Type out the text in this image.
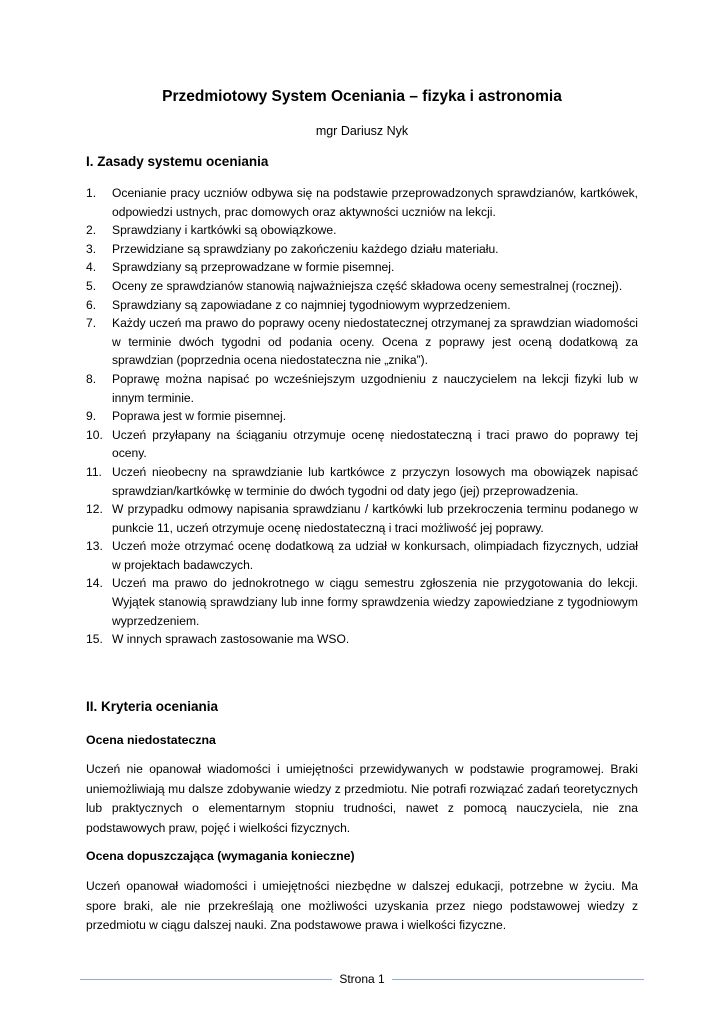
Przedmiotowy System Oceniania – fizyka i astronomia
mgr Dariusz Nyk
I. Zasady systemu oceniania
1.	Ocenianie pracy uczniów odbywa się na podstawie przeprowadzonych sprawdzianów, kartkówek, odpowiedzi ustnych, prac domowych oraz aktywności uczniów na lekcji.
2.	Sprawdziany i kartkówki są obowiązkowe.
3.	Przewidziane są sprawdziany po zakończeniu każdego działu materiału.
4.	Sprawdziany są przeprowadzane w formie pisemnej.
5.	Oceny ze sprawdzianów stanowią najważniejsza część składowa oceny semestralnej (rocznej).
6.	Sprawdziany są zapowiadane z co najmniej tygodniowym wyprzedzeniem.
7.	Każdy uczeń ma prawo do poprawy oceny niedostatecznej otrzymanej za sprawdzian wiadomości w terminie dwóch tygodni od podania oceny. Ocena z poprawy jest oceną dodatkową za sprawdzian (poprzednia ocena niedostateczna nie „znika”).
8.	Poprawę można napisać po wcześniejszym uzgodnieniu z nauczycielem na lekcji fizyki lub w innym terminie.
9.	Poprawa jest w formie pisemnej.
10. Uczeń przyłapany na ściąganiu otrzymuje ocenę niedostateczną i traci prawo do poprawy tej oceny.
11. Uczeń nieobecny na sprawdzianie lub kartkówce z przyczyn losowych ma obowiązek napisać sprawdzian/kartkówkę w terminie do dwóch tygodni od daty jego (jej) przeprowadzenia.
12. W przypadku odmowy napisania sprawdzianu / kartkówki lub przekroczenia terminu podanego w punkcie 11, uczeń otrzymuje ocenę niedostateczną i traci możliwość jej poprawy.
13. Uczeń może otrzymać ocenę dodatkową za udział w konkursach, olimpiadach fizycznych, udział w projektach badawczych.
14. Uczeń ma prawo do jednokrotnego w ciągu semestru zgłoszenia nie przygotowania do lekcji. Wyjątek stanowią sprawdziany lub inne formy sprawdzenia wiedzy zapowiedziane z tygodniowym wyprzedzeniem.
15. W innych sprawach zastosowanie ma WSO.
II. Kryteria oceniania
Ocena niedostateczna

Uczeń nie opanował wiadomości i umiejętności przewidywanych w podstawie programowej. Braki uniemożliwiają mu dalsze zdobywanie wiedzy z przedmiotu. Nie potrafi rozwiązać zadań teoretycznych lub praktycznych o elementarnym stopniu trudności, nawet z pomocą nauczyciela, nie zna podstawowych praw, pojęć i wielkości fizycznych.

Ocena dopuszczająca (wymagania konieczne)

Uczeń opanował wiadomości i umiejętności niezbędne w dalszej edukacji, potrzebne w życiu. Ma spore braki, ale nie przekreślają one możliwości uzyskania przez niego podstawowej wiedzy z przedmiotu w ciągu dalszej nauki. Zna podstawowe prawa i wielkości fizyczne.

Strona 1
